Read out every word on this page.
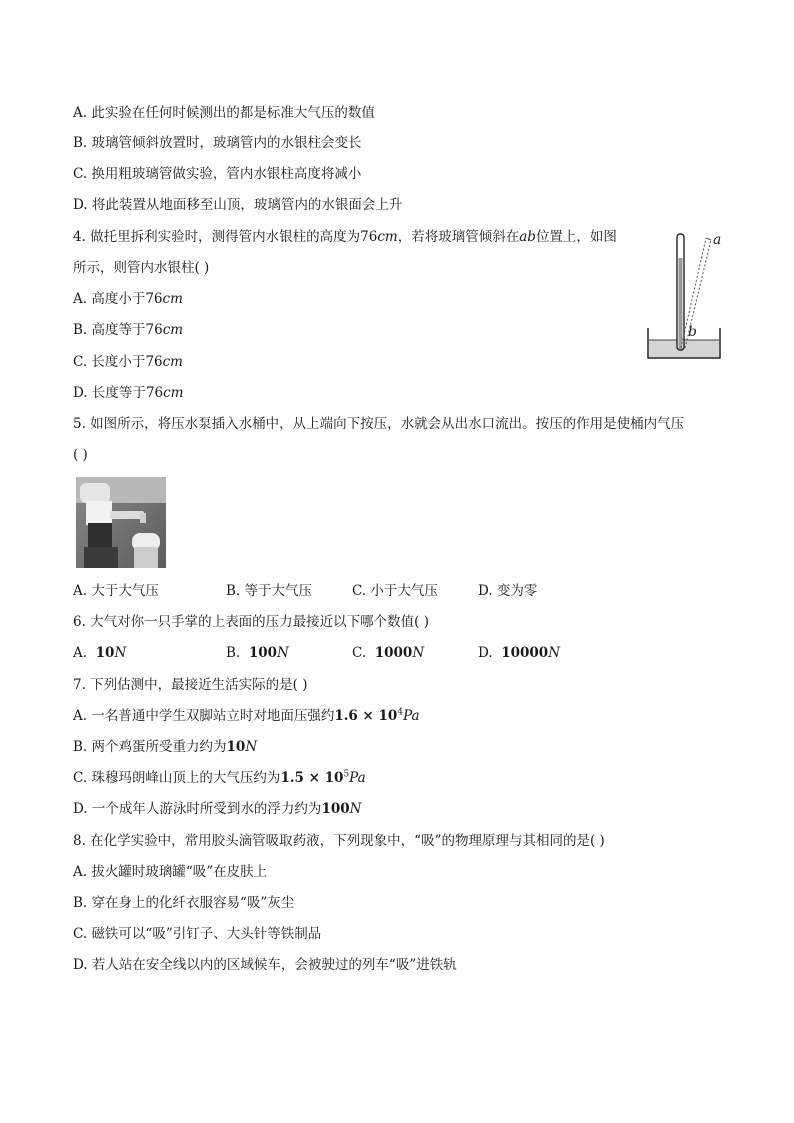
A. 此实验在任何时候测出的都是标准大气压的数值
B. 玻璃管倾斜放置时，玻璃管内的水银柱会变长
C. 换用粗玻璃管做实验，管内水银柱高度将减小
D. 将此装置从地面移至山顶，玻璃管内的水银面会上升
4. 做托里拆利实验时，测得管内水银柱的高度为76cm，若将玻璃管倾斜在ab位置上，如图
所示，则管内水银柱( )
A. 高度小于76cm
B. 高度等于76cm
C. 长度小于76cm
D. 长度等于76cm
a
b
5. 如图所示，将压水泵插入水桶中，从上端向下按压，水就会从出水口流出。按压的作用是使桶内气压
( )
A. 大于大气压	B. 等于大气压	C. 小于大气压	D. 变为零
6. 大气对你一只手掌的上表面的压力最接近以下哪个数值( )
A. 10N	B. 100N	C. 1000N	D. 10000N
7. 下列估测中，最接近生活实际的是( )
A. 一名普通中学生双脚站立时对地面压强约$1.6 \times 10^4Pa$
B. 两个鸡蛋所受重力约为10N
C. 珠穆玛朗峰山顶上的大气压约为$1.5 \times 10^5Pa$
D. 一个成年人游泳时所受到水的浮力约为100N
8. 在化学实验中，常用胶头滴管吸取药液，下列现象中，“吸”的物理原理与其相同的是( )
A. 拔火罐时玻璃罐“吸”在皮肤上
B. 穿在身上的化纤衣服容易“吸”灰尘
C. 磁铁可以“吸”引钉子、大头针等铁制品
D. 若人站在安全线以内的区域候车，会被驶过的列车“吸”进铁轨
